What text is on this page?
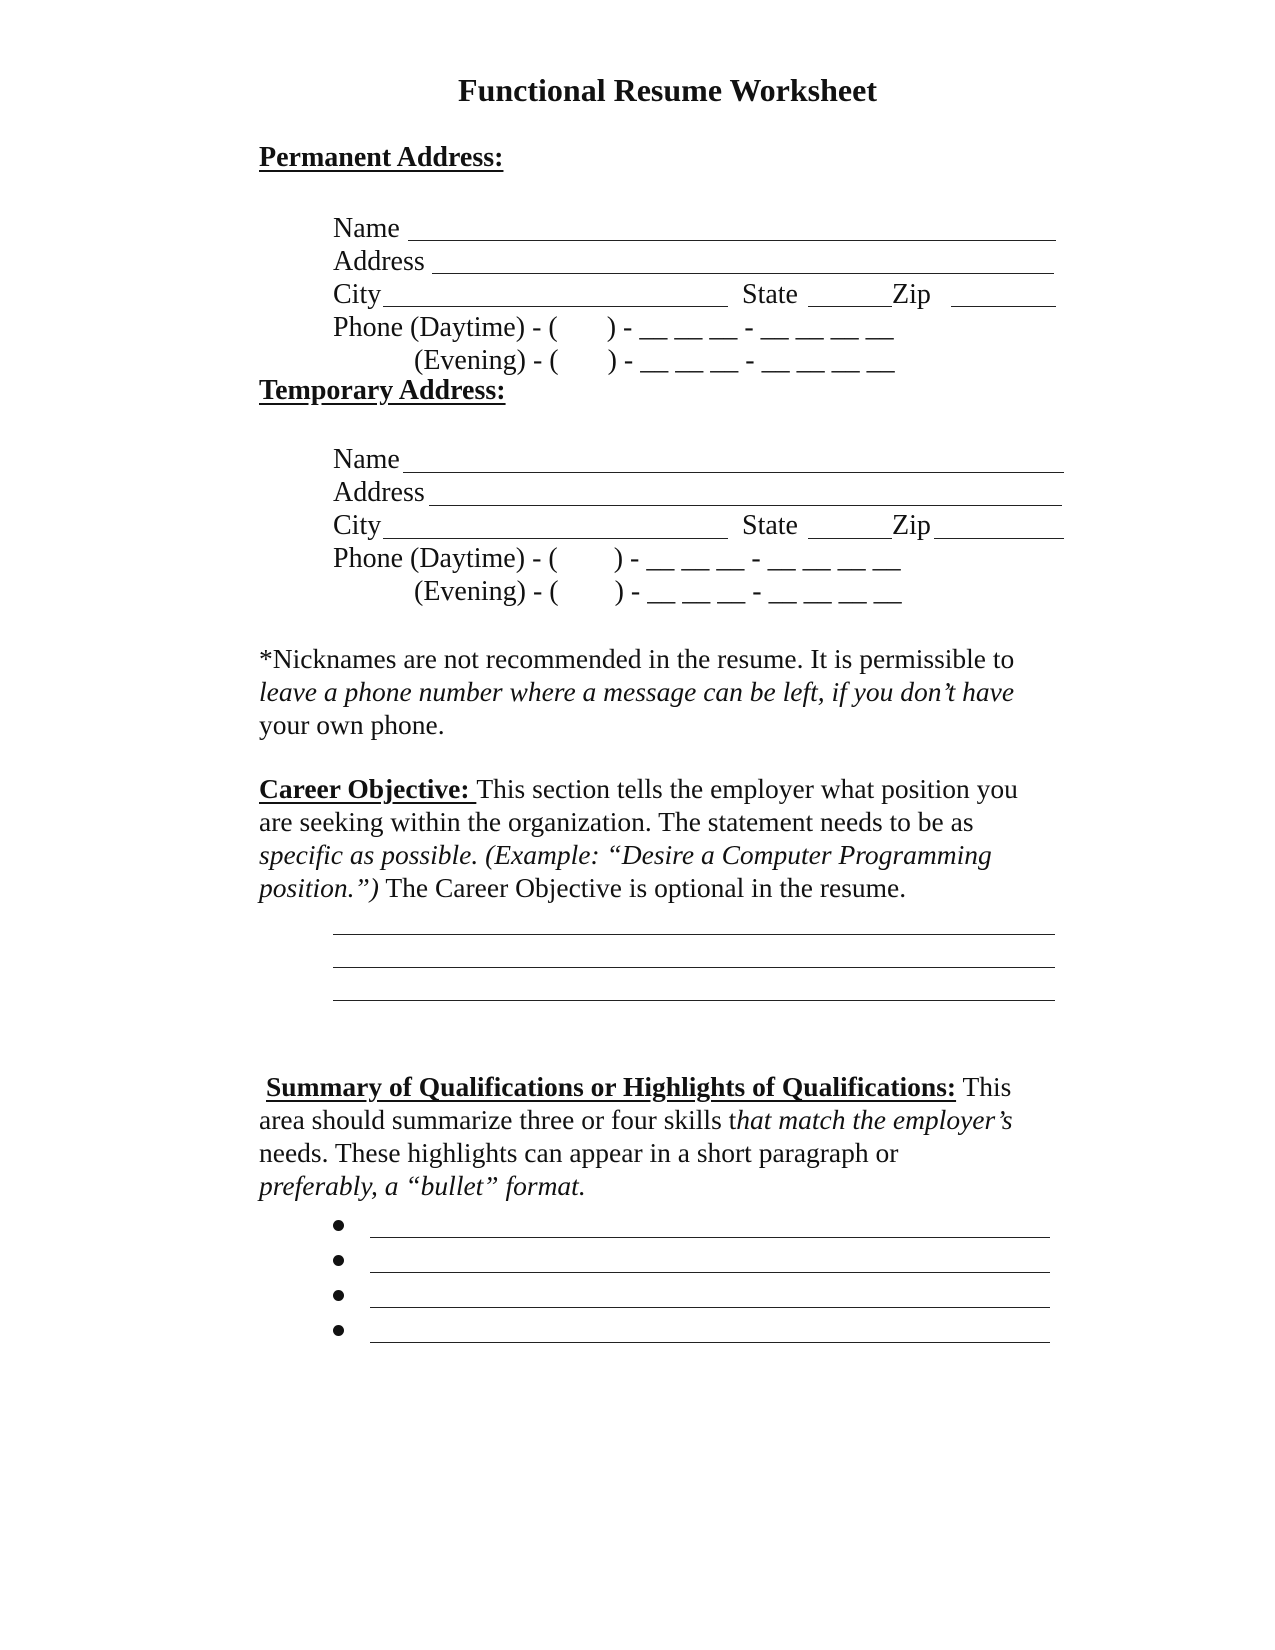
Functional Resume Worksheet
Permanent Address:
Name
Address
City	State	Zip
Phone (Daytime) - (       ) - __ __ __ - __ __ __ __
(Evening) - (       ) - __ __ __ - __ __ __ __
Temporary Address:
Name
Address
City	State	Zip
Phone (Daytime) - (        ) - __ __ __ - __ __ __ __
(Evening) - (        ) - __ __ __ - __ __ __ __
*Nicknames are not recommended in the resume. It is permissible to
leave a phone number where a message can be left, if you don’t have
your own phone.
Career Objective: This section tells the employer what position you
are seeking within the organization. The statement needs to be as
specific as possible. (Example: “Desire a Computer Programming
position.”) The Career Objective is optional in the resume.
Summary of Qualifications or Highlights of Qualifications: This
area should summarize three or four skills that match the employer’s
needs. These highlights can appear in a short paragraph or
preferably, a “bullet” format.
